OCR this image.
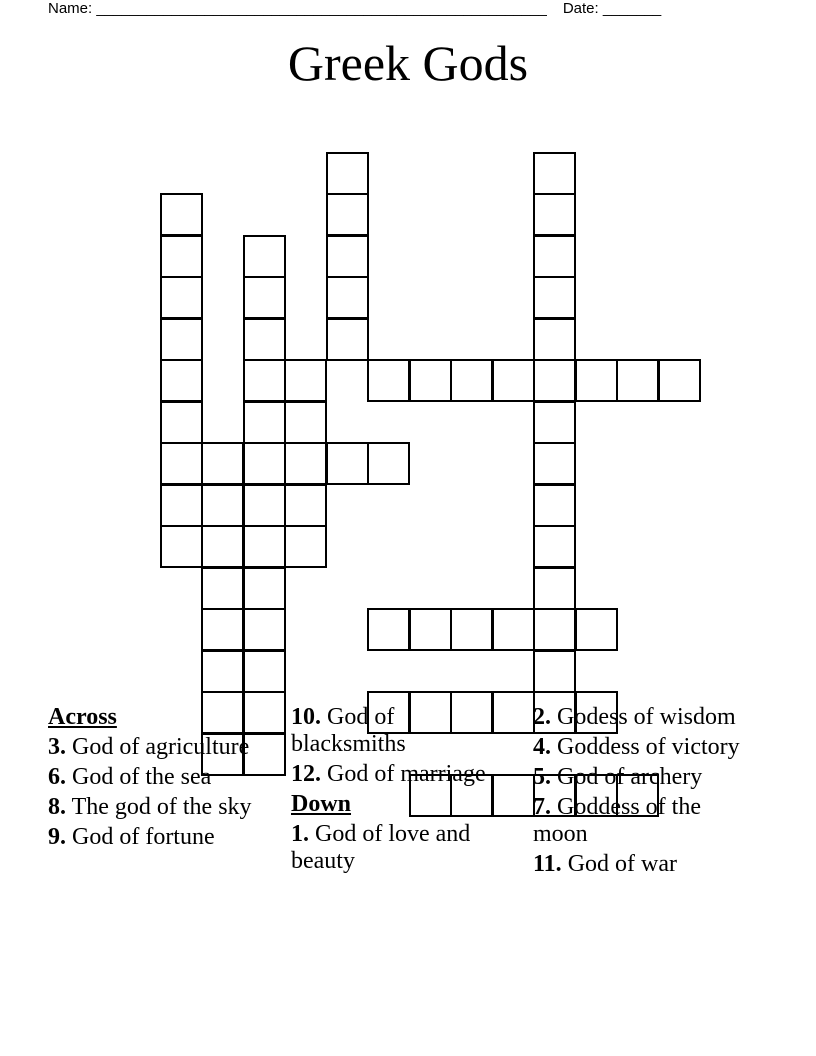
Name: ______________________________________________________ Date: _______
Greek Gods
Across
3. God of agriculture
6. God of the sea
8. The god of the sky
9. God of fortune
10. God of blacksmiths
12. God of marriage
Down
1. God of love and beauty
2. Godess of wisdom
4. Goddess of victory
5. God of archery
7. Goddess of the moon
11. God of war
